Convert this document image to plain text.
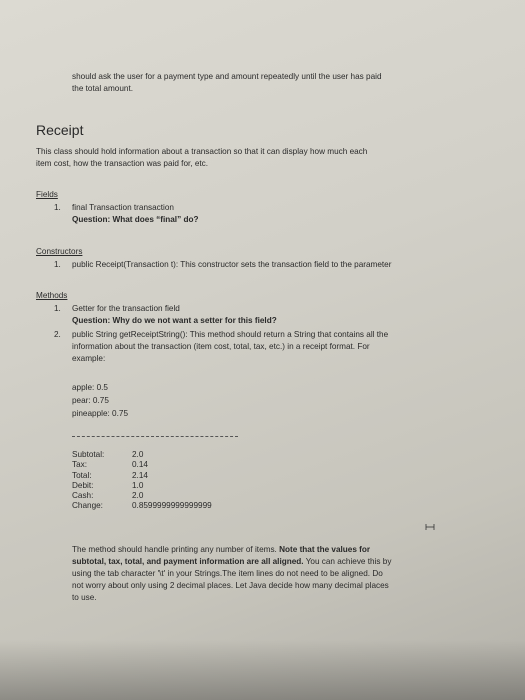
should ask the user for a payment type and amount repeatedly until the user has paid
the total amount.
Receipt
This class should hold information about a transaction so that it can display how much each
item cost, how the transaction was paid for, etc.
Fields
1. final Transaction transaction
Question: What does “final” do?
Constructors
1. public Receipt(Transaction t): This constructor sets the transaction field to the parameter
Methods
1. Getter for the transaction field
Question: Why do we not want a setter for this field?
2. public String getReceiptString(): This method should return a String that contains all the
information about the transaction (item cost, total, tax, etc.) in a receipt format. For
example:
apple: 0.5
pear: 0.75
pineapple: 0.75
Subtotal:	2.0
Tax:	0.14
Total:	2.14
Debit:	1.0
Cash:	2.0
Change:	0.8599999999999999
The method should handle printing any number of items. Note that the values for
subtotal, tax, total, and payment information are all aligned. You can achieve this by
using the tab character '\t' in your Strings.The item lines do not need to be aligned. Do
not worry about only using 2 decimal places. Let Java decide how many decimal places
to use.
